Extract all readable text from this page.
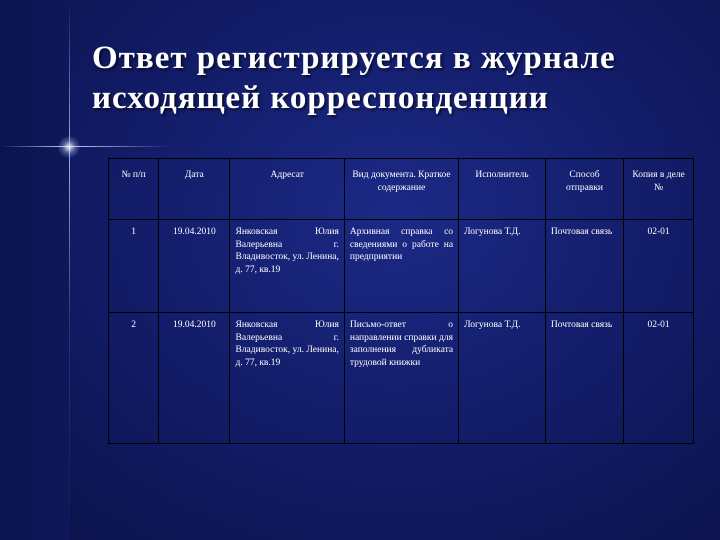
Ответ регистрируется в журнале исходящей корреспонденции
№ п/п	Дата	Адресат	Вид документа. Краткое содержание	Исполнитель	Способ отправки	Копия в деле №
1	19.04.2010	Янковская Юлия Валерьевна г. Владивосток, ул. Ленина, д. 77, кв.19	Архивная справка со сведениями о работе на предприятии	Логунова Т.Д.	Почтовая связь	02-01
2	19.04.2010	Янковская Юлия Валерьевна г. Владивосток, ул. Ленина, д. 77, кв.19	Письмо-ответ о направлении справки для заполнения дубликата трудовой книжки	Логунова Т.Д.	Почтовая связь	02-01
